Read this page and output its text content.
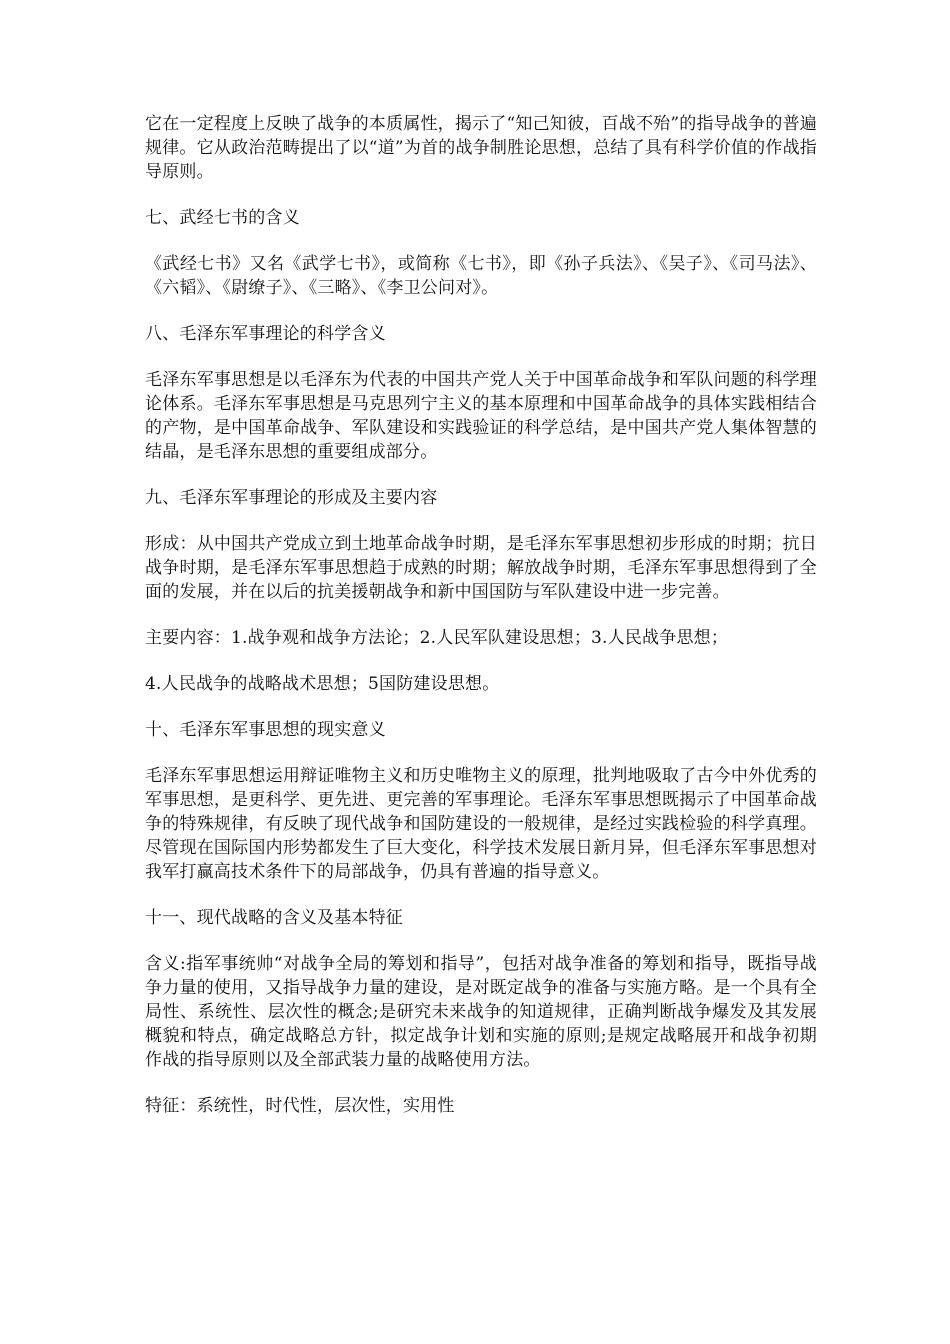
它在一定程度上反映了战争的本质属性，揭示了“知己知彼，百战不殆”的指导战争的普遍规律。它从政治范畴提出了以“道”为首的战争制胜论思想，总结了具有科学价值的作战指导原则。

七、武经七书的含义

《武经七书》又名《武学七书》，或简称《七书》，即《孙子兵法》、《吴子》、《司马法》、《六韬》、《尉缭子》、《三略》、《李卫公问对》。

八、毛泽东军事理论的科学含义

毛泽东军事思想是以毛泽东为代表的中国共产党人关于中国革命战争和军队问题的科学理论体系。毛泽东军事思想是马克思列宁主义的基本原理和中国革命战争的具体实践相结合的产物，是中国革命战争、军队建设和实践验证的科学总结，是中国共产党人集体智慧的结晶，是毛泽东思想的重要组成部分。

九、毛泽东军事理论的形成及主要内容

形成：从中国共产党成立到土地革命战争时期，是毛泽东军事思想初步形成的时期；抗日战争时期，是毛泽东军事思想趋于成熟的时期；解放战争时期，毛泽东军事思想得到了全面的发展，并在以后的抗美援朝战争和新中国国防与军队建设中进一步完善。

主要内容：1.战争观和战争方法论；2.人民军队建设思想；3.人民战争思想；

4.人民战争的战略战术思想；5国防建设思想。

十、毛泽东军事思想的现实意义

毛泽东军事思想运用辩证唯物主义和历史唯物主义的原理，批判地吸取了古今中外优秀的军事思想，是更科学、更先进、更完善的军事理论。毛泽东军事思想既揭示了中国革命战争的特殊规律，有反映了现代战争和国防建设的一般规律，是经过实践检验的科学真理。尽管现在国际国内形势都发生了巨大变化，科学技术发展日新月异，但毛泽东军事思想对我军打赢高技术条件下的局部战争，仍具有普遍的指导意义。

十一、现代战略的含义及基本特征

含义:指军事统帅“对战争全局的筹划和指导”，包括对战争准备的筹划和指导，既指导战争力量的使用，又指导战争力量的建设，是对既定战争的准备与实施方略。是一个具有全局性、系统性、层次性的概念;是研究未来战争的知道规律，正确判断战争爆发及其发展概貌和特点，确定战略总方针，拟定战争计划和实施的原则;是规定战略展开和战争初期作战的指导原则以及全部武装力量的战略使用方法。

特征：系统性，时代性，层次性，实用性
